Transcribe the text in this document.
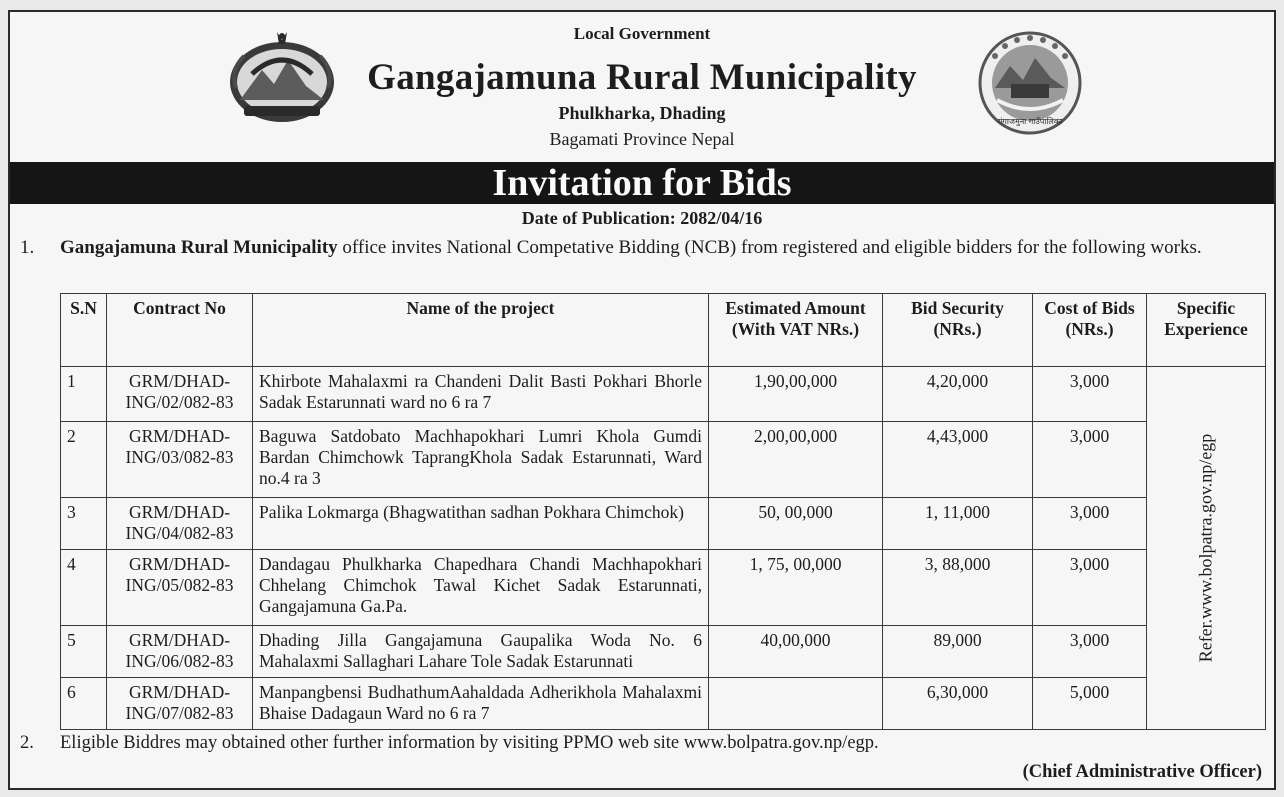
गंगाजमुना गाउँपालिका
Local Government
Gangajamuna Rural Municipality
Phulkharka, Dhading
Bagamati Province Nepal
Invitation for Bids
Date of Publication: 2082/04/16
1. Gangajamuna Rural Municipality office invites National Competative Bidding (NCB) from registered and eligible bidders for the following works.
S.N	Contract No	Name of the project	Estimated Amount (With VAT NRs.)	Bid Security (NRs.)	Cost of Bids (NRs.)	Specific Experience
1	GRM/DHAD-ING/02/082-83	Khirbote Mahalaxmi ra Chandeni Dalit Basti Pokhari Bhorle Sadak Estarunnati ward no 6 ra 7	1,90,00,000	4,20,000	3,000	Refer.www.bolpatra.gov.np/egp

2	GRM/DHAD-ING/03/082-83	Baguwa Satdobato Machhapokhari Lumri Khola Gumdi Bardan Chimchowk TaprangKhola Sadak Estarunnati, Ward no.4 ra 3	2,00,00,000	4,43,000	3,000	
3	GRM/DHAD-ING/04/082-83	Palika Lokmarga (Bhagwatithan sadhan Pokhara Chimchok)	50, 00,000	1, 11,000	3,000	
4	GRM/DHAD-ING/05/082-83	Dandagau Phulkharka Chapedhara Chandi Machhapokhari Chhelang Chimchok Tawal Kichet Sadak Estarunnati, Gangajamuna Ga.Pa.	1, 75, 00,000	3, 88,000	3,000	
5	GRM/DHAD-ING/06/082-83	Dhading Jilla Gangajamuna Gaupalika Woda No. 6 Mahalaxmi Sallaghari Lahare Tole Sadak Estarunnati	40,00,000	89,000	3,000	
6	GRM/DHAD-ING/07/082-83	Manpangbensi BudhathumAahaldada Adherikhola Mahalaxmi Bhaise Dadagaun Ward no 6 ra 7		6,30,000	5,000	
2. Eligible Biddres may obtained other further information by visiting PPMO web site www.bolpatra.gov.np/egp.
(Chief Administrative Officer)
